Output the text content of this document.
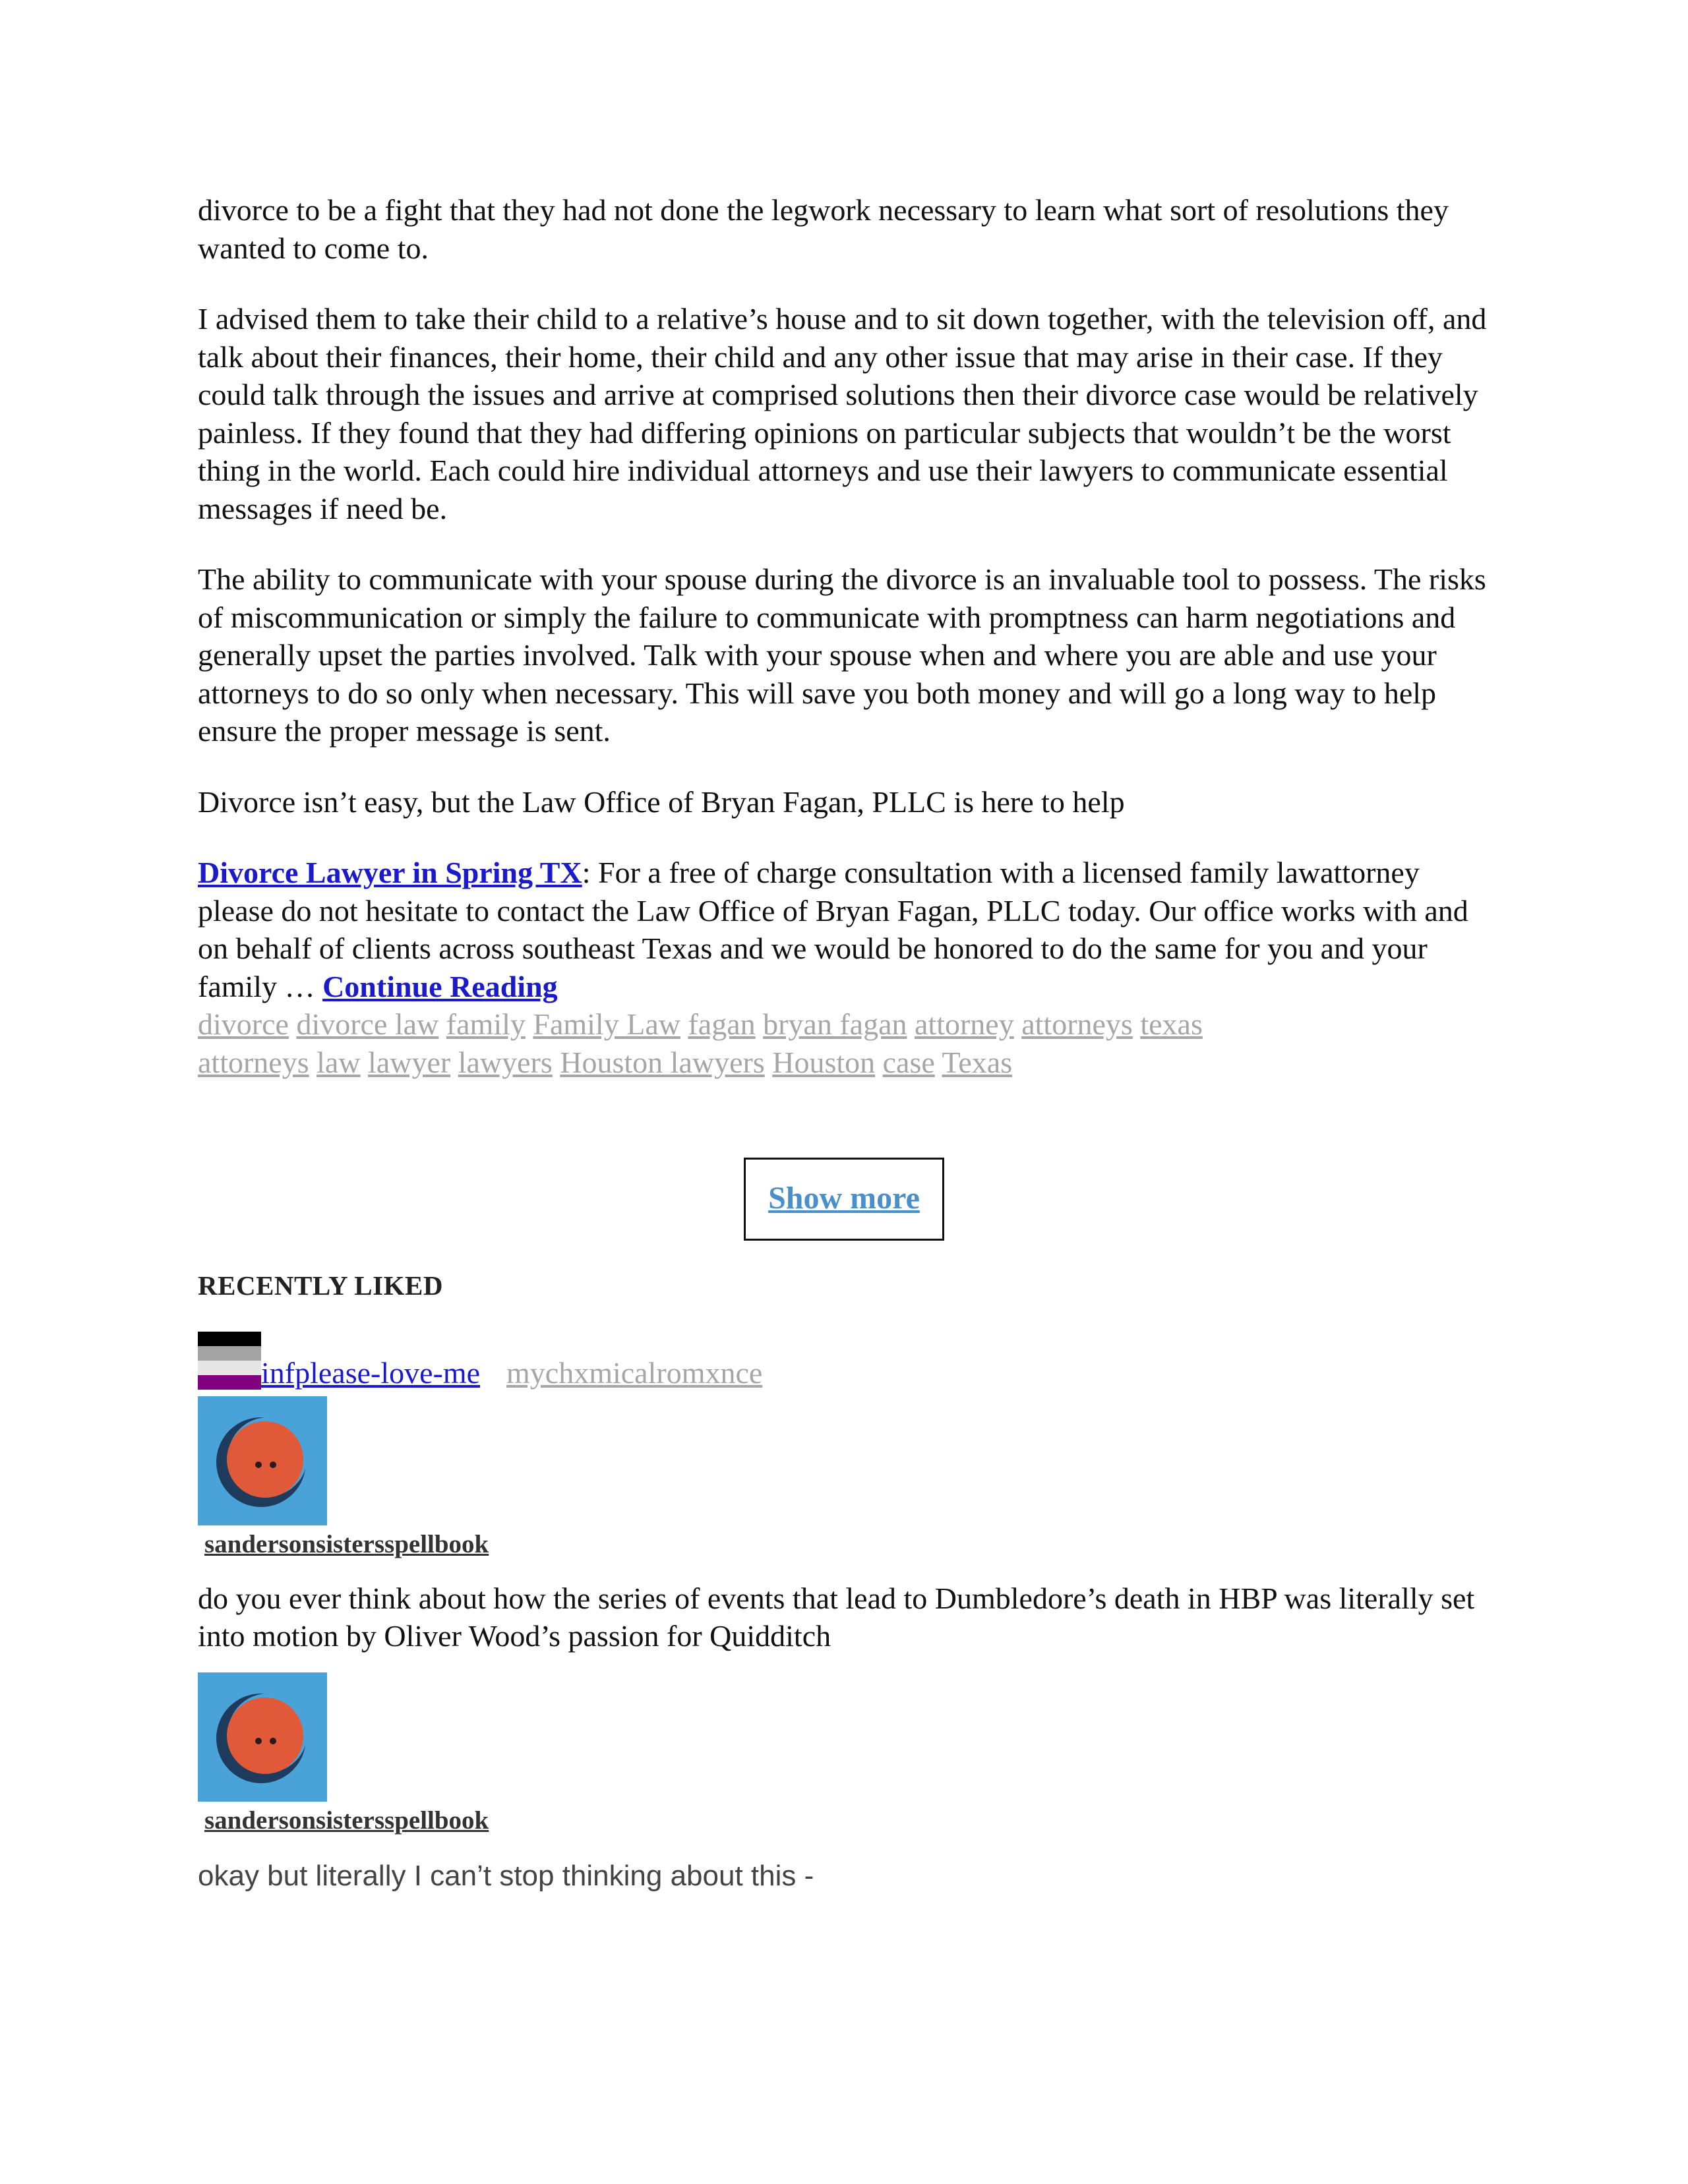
divorce to be a fight that they had not done the legwork necessary to learn what sort of resolutions they wanted to come to.

I advised them to take their child to a relative’s house and to sit down together, with the television off, and talk about their finances, their home, their child and any other issue that may arise in their case. If they could talk through the issues and arrive at comprised solutions then their divorce case would be relatively painless. If they found that they had differing opinions on particular subjects that wouldn’t be the worst thing in the world. Each could hire individual attorneys and use their lawyers to communicate essential messages if need be.

The ability to communicate with your spouse during the divorce is an invaluable tool to possess. The risks of miscommunication or simply the failure to communicate with promptness can harm negotiations and generally upset the parties involved. Talk with your spouse when and where you are able and use your attorneys to do so only when necessary. This will save you both money and will go a long way to help ensure the proper message is sent.

Divorce isn’t easy, but the Law Office of Bryan Fagan, PLLC is here to help

Divorce Lawyer in Spring TX: For a free of charge consultation with a licensed family lawattorney please do not hesitate to contact the Law Office of Bryan Fagan, PLLC today. Our office works with and on behalf of clients across southeast Texas and we would be honored to do the same for you and your family … Continue Reading

divorce divorce law family Family Law fagan bryan fagan attorney attorneys texas
attorneys law lawyer lawyers Houston lawyers Houston case Texas
Show more
RECENTLY LIKED
infplease-love-me mychxmicalromxnce
sandersonsistersspellbook
do you ever think about how the series of events that lead to Dumbledore’s death in HBP was literally set into motion by Oliver Wood’s passion for Quidditch
sandersonsistersspellbook
okay but literally I can’t stop thinking about this -
